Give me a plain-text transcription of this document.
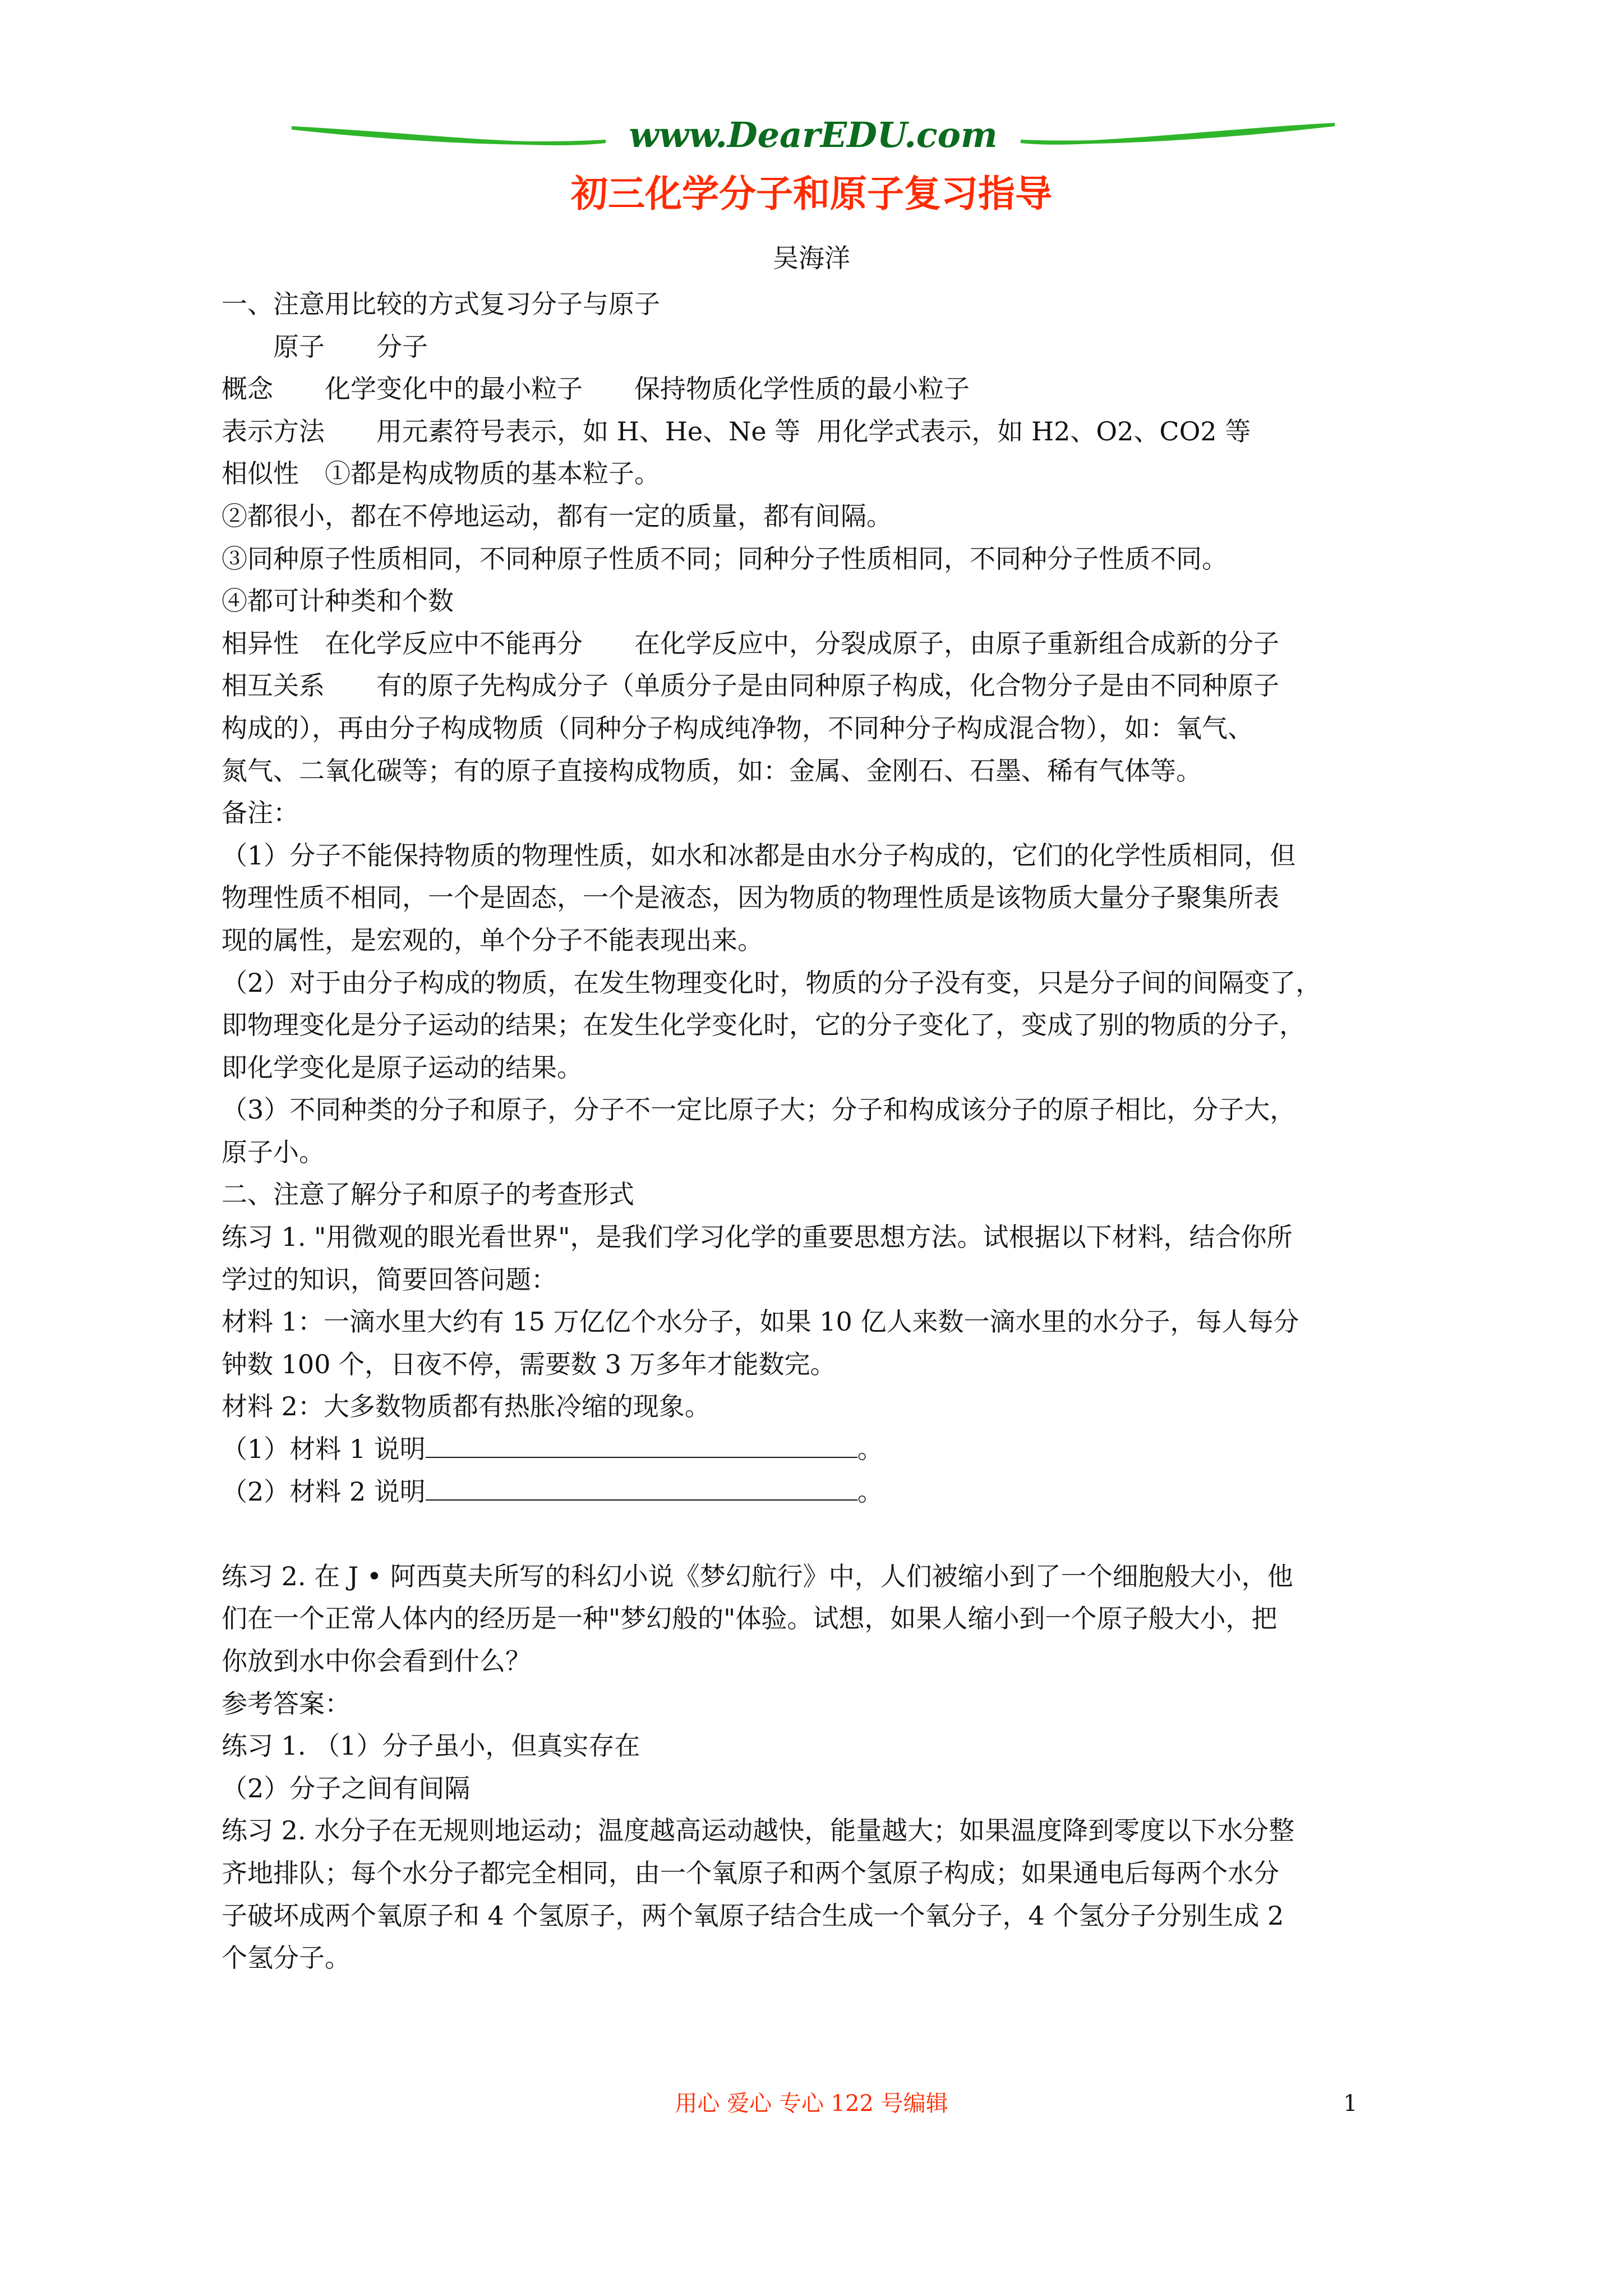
www.DearEDU.com
初三化学分子和原子复习指导
吴海洋

一、注意用比较的方式复习分子与原子

　　原子　　分子

概念　　化学变化中的最小粒子　　保持物质化学性质的最小粒子

表示方法　　用元素符号表示，如 H、He、Ne 等  用化学式表示，如 H2、O2、CO2 等

相似性　①都是构成物质的基本粒子。

②都很小，都在不停地运动，都有一定的质量，都有间隔。

③同种原子性质相同，不同种原子性质不同；同种分子性质相同，不同种分子性质不同。

④都可计种类和个数

相异性　在化学反应中不能再分　　在化学反应中，分裂成原子，由原子重新组合成新的分子

相互关系　　有的原子先构成分子（单质分子是由同种原子构成，化合物分子是由不同种原子

构成的），再由分子构成物质（同种分子构成纯净物，不同种分子构成混合物），如：氧气、

氮气、二氧化碳等；有的原子直接构成物质，如：金属、金刚石、石墨、稀有气体等。

备注：

（1）分子不能保持物质的物理性质，如水和冰都是由水分子构成的，它们的化学性质相同，但

物理性质不相同，一个是固态，一个是液态，因为物质的物理性质是该物质大量分子聚集所表

现的属性，是宏观的，单个分子不能表现出来。

（2）对于由分子构成的物质，在发生物理变化时，物质的分子没有变，只是分子间的间隔变了，

即物理变化是分子运动的结果；在发生化学变化时，它的分子变化了，变成了别的物质的分子，

即化学变化是原子运动的结果。

（3）不同种类的分子和原子，分子不一定比原子大；分子和构成该分子的原子相比，分子大，

原子小。

二、注意了解分子和原子的考查形式

练习 1. "用微观的眼光看世界"，是我们学习化学的重要思想方法。试根据以下材料，结合你所

学过的知识，简要回答问题：

材料 1：一滴水里大约有 15 万亿亿个水分子，如果 10 亿人来数一滴水里的水分子，每人每分

钟数 100 个，日夜不停，需要数 3 万多年才能数完。

材料 2：大多数物质都有热胀冷缩的现象。

（1）材料 1 说明	。

（2）材料 2 说明	。

练习 2. 在 J • 阿西莫夫所写的科幻小说《梦幻航行》中，人们被缩小到了一个细胞般大小，他

们在一个正常人体内的经历是一种"梦幻般的"体验。试想，如果人缩小到一个原子般大小，把

你放到水中你会看到什么？

参考答案：

练习 1. （1）分子虽小，但真实存在

（2）分子之间有间隔

练习 2. 水分子在无规则地运动；温度越高运动越快，能量越大；如果温度降到零度以下水分整

齐地排队；每个水分子都完全相同，由一个氧原子和两个氢原子构成；如果通电后每两个水分

子破坏成两个氧原子和 4 个氢原子，两个氧原子结合生成一个氧分子，4 个氢分子分别生成 2

个氢分子。

用心 爱心 专心 122 号编辑	1
